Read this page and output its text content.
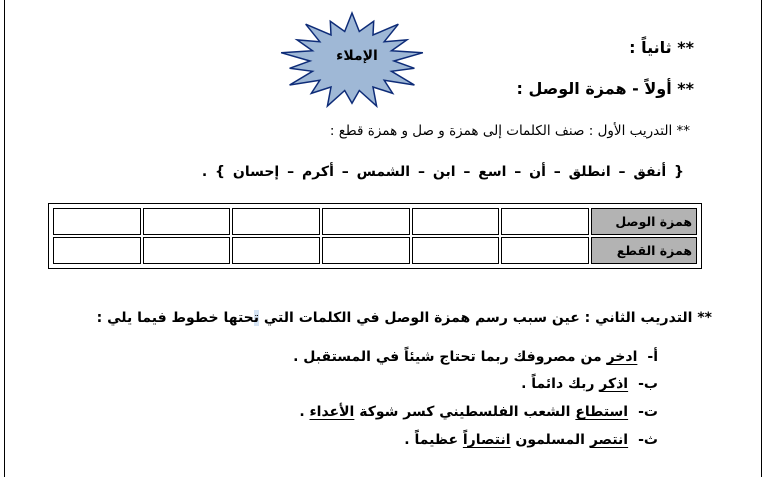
الإملاء	** ثانياً :
** أولاً - همزة الوصل :
** التدريب الأول : صنف الكلمات إلى همزة و صل و همزة قطع :
{ أنفق – انطلق – أن – اسع – ابن – الشمس – أكرم – إحسان } .
همزة الوصل						
همزة القطع						
** التدريب الثاني : عين سبب رسم همزة الوصل في الكلمات التي تحتها خطوط فيما يلي :
أ-ادخر من مصروفك ربما تحتاج شيئاً في المستقبل .
ب-اذكر ربك دائماً .
ت-استطاع الشعب الفلسطيني كسر شوكة الأعداء .
ث-انتصر المسلمون انتصاراً عظيماً .
